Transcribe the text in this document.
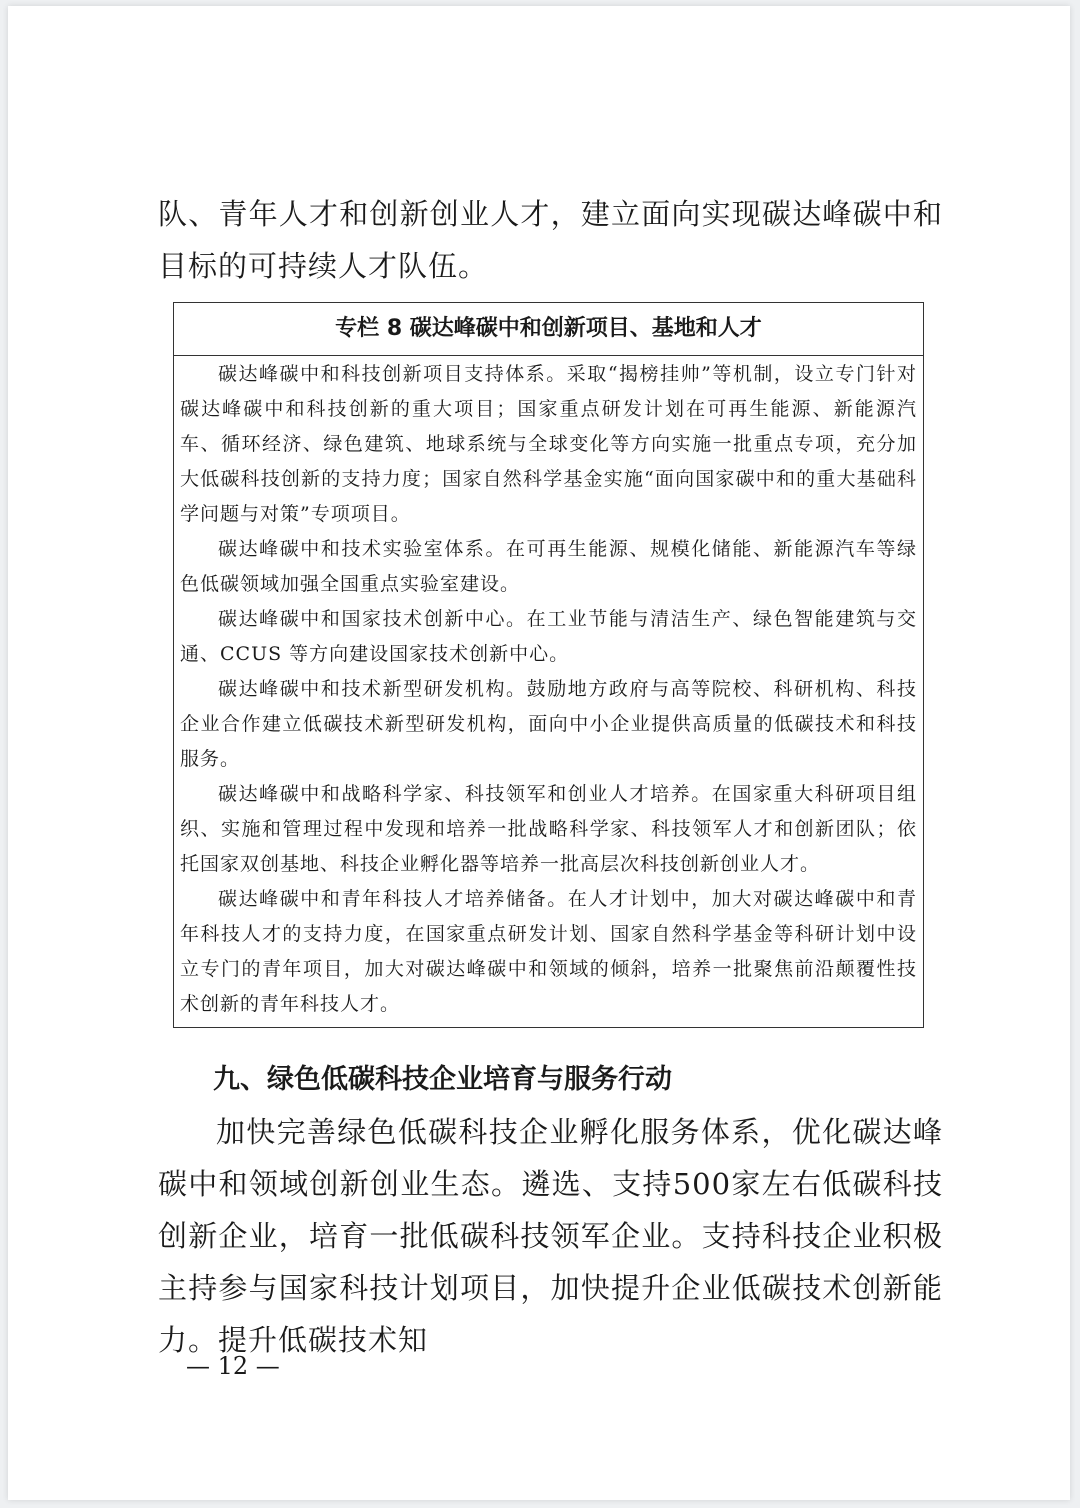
队、青年人才和创新创业人才，建立面向实现碳达峰碳中和目标的可持续人才队伍。

专栏 8 碳达峰碳中和创新项目、基地和人才

碳达峰碳中和科技创新项目支持体系。采取“揭榜挂帅”等机制，设立专门针对碳达峰碳中和科技创新的重大项目；国家重点研发计划在可再生能源、新能源汽车、循环经济、绿色建筑、地球系统与全球变化等方向实施一批重点专项，充分加大低碳科技创新的支持力度；国家自然科学基金实施“面向国家碳中和的重大基础科学问题与对策”专项项目。

碳达峰碳中和技术实验室体系。在可再生能源、规模化储能、新能源汽车等绿色低碳领域加强全国重点实验室建设。

碳达峰碳中和国家技术创新中心。在工业节能与清洁生产、绿色智能建筑与交通、CCUS 等方向建设国家技术创新中心。

碳达峰碳中和技术新型研发机构。鼓励地方政府与高等院校、科研机构、科技企业合作建立低碳技术新型研发机构，面向中小企业提供高质量的低碳技术和科技服务。

碳达峰碳中和战略科学家、科技领军和创业人才培养。在国家重大科研项目组织、实施和管理过程中发现和培养一批战略科学家、科技领军人才和创新团队；依托国家双创基地、科技企业孵化器等培养一批高层次科技创新创业人才。

碳达峰碳中和青年科技人才培养储备。在人才计划中，加大对碳达峰碳中和青年科技人才的支持力度，在国家重点研发计划、国家自然科学基金等科研计划中设立专门的青年项目，加大对碳达峰碳中和领域的倾斜，培养一批聚焦前沿颠覆性技术创新的青年科技人才。

九、绿色低碳科技企业培育与服务行动

加快完善绿色低碳科技企业孵化服务体系，优化碳达峰碳中和领域创新创业生态。遴选、支持500家左右低碳科技创新企业，培育一批低碳科技领军企业。支持科技企业积极主持参与国家科技计划项目，加快提升企业低碳技术创新能力。提升低碳技术知

— 12 —
